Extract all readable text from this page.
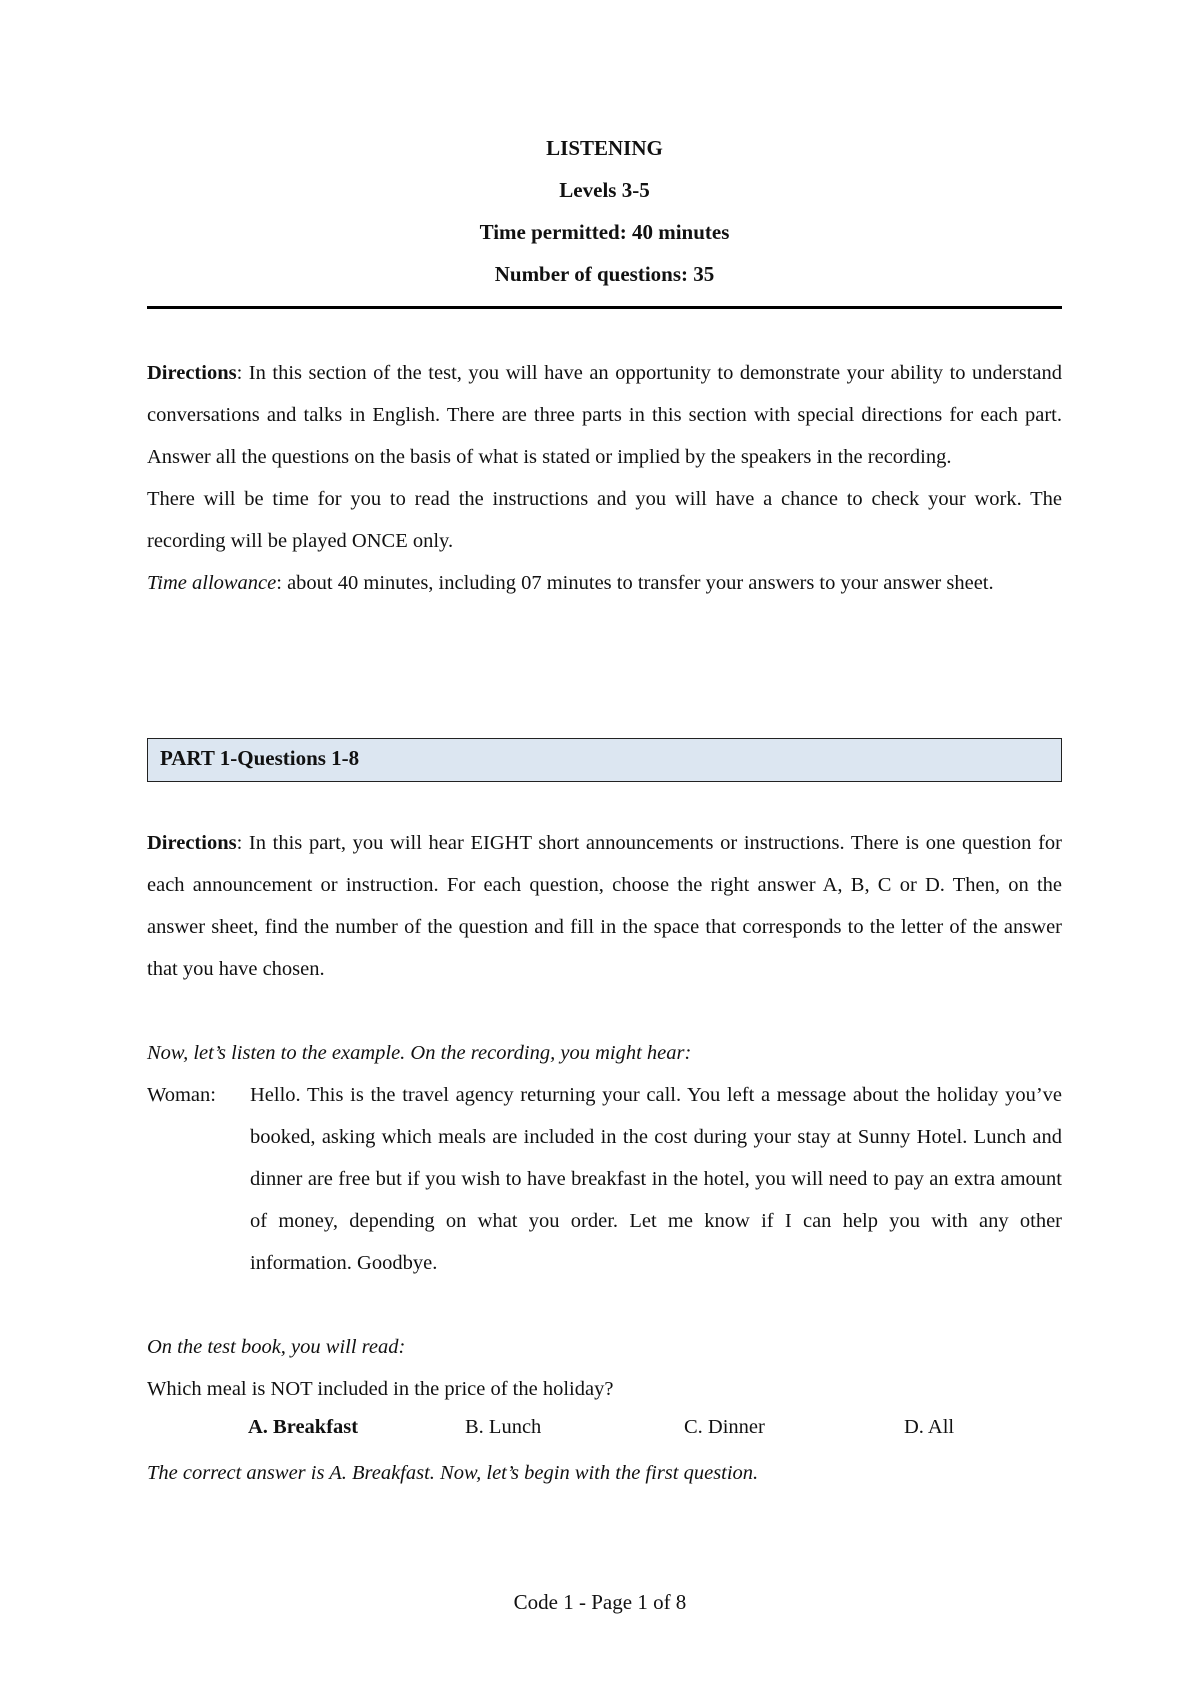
LISTENING
Levels 3-5
Time permitted: 40 minutes
Number of questions: 35

Directions: In this section of the test, you will have an opportunity to demonstrate your ability to understand conversations and talks in English. There are three parts in this section with special directions for each part. Answer all the questions on the basis of what is stated or implied by the speakers in the recording.

There will be time for you to read the instructions and you will have a chance to check your work. The recording will be played ONCE only.

Time allowance: about 40 minutes, including 07 minutes to transfer your answers to your answer sheet.

PART 1-Questions 1-8

Directions: In this part, you will hear EIGHT short announcements or instructions. There is one question for each announcement or instruction. For each question, choose the right answer A, B, C or D. Then, on the answer sheet, find the number of the question and fill in the space that corresponds to the letter of the answer that you have chosen.

Now, let’s listen to the example. On the recording, you might hear:

Woman:	Hello. This is the travel agency returning your call. You left a message about the holiday you’ve booked, asking which meals are included in the cost during your stay at Sunny Hotel. Lunch and dinner are free but if you wish to have breakfast in the hotel, you will need to pay an extra amount of money, depending on what you order. Let me know if I can help you with any other information. Goodbye.

On the test book, you will read:

Which meal is NOT included in the price of the holiday?

A. Breakfast	B. Lunch	C. Dinner	D. All

The correct answer is A. Breakfast. Now, let’s begin with the first question.

Code 1 - Page 1 of 8
